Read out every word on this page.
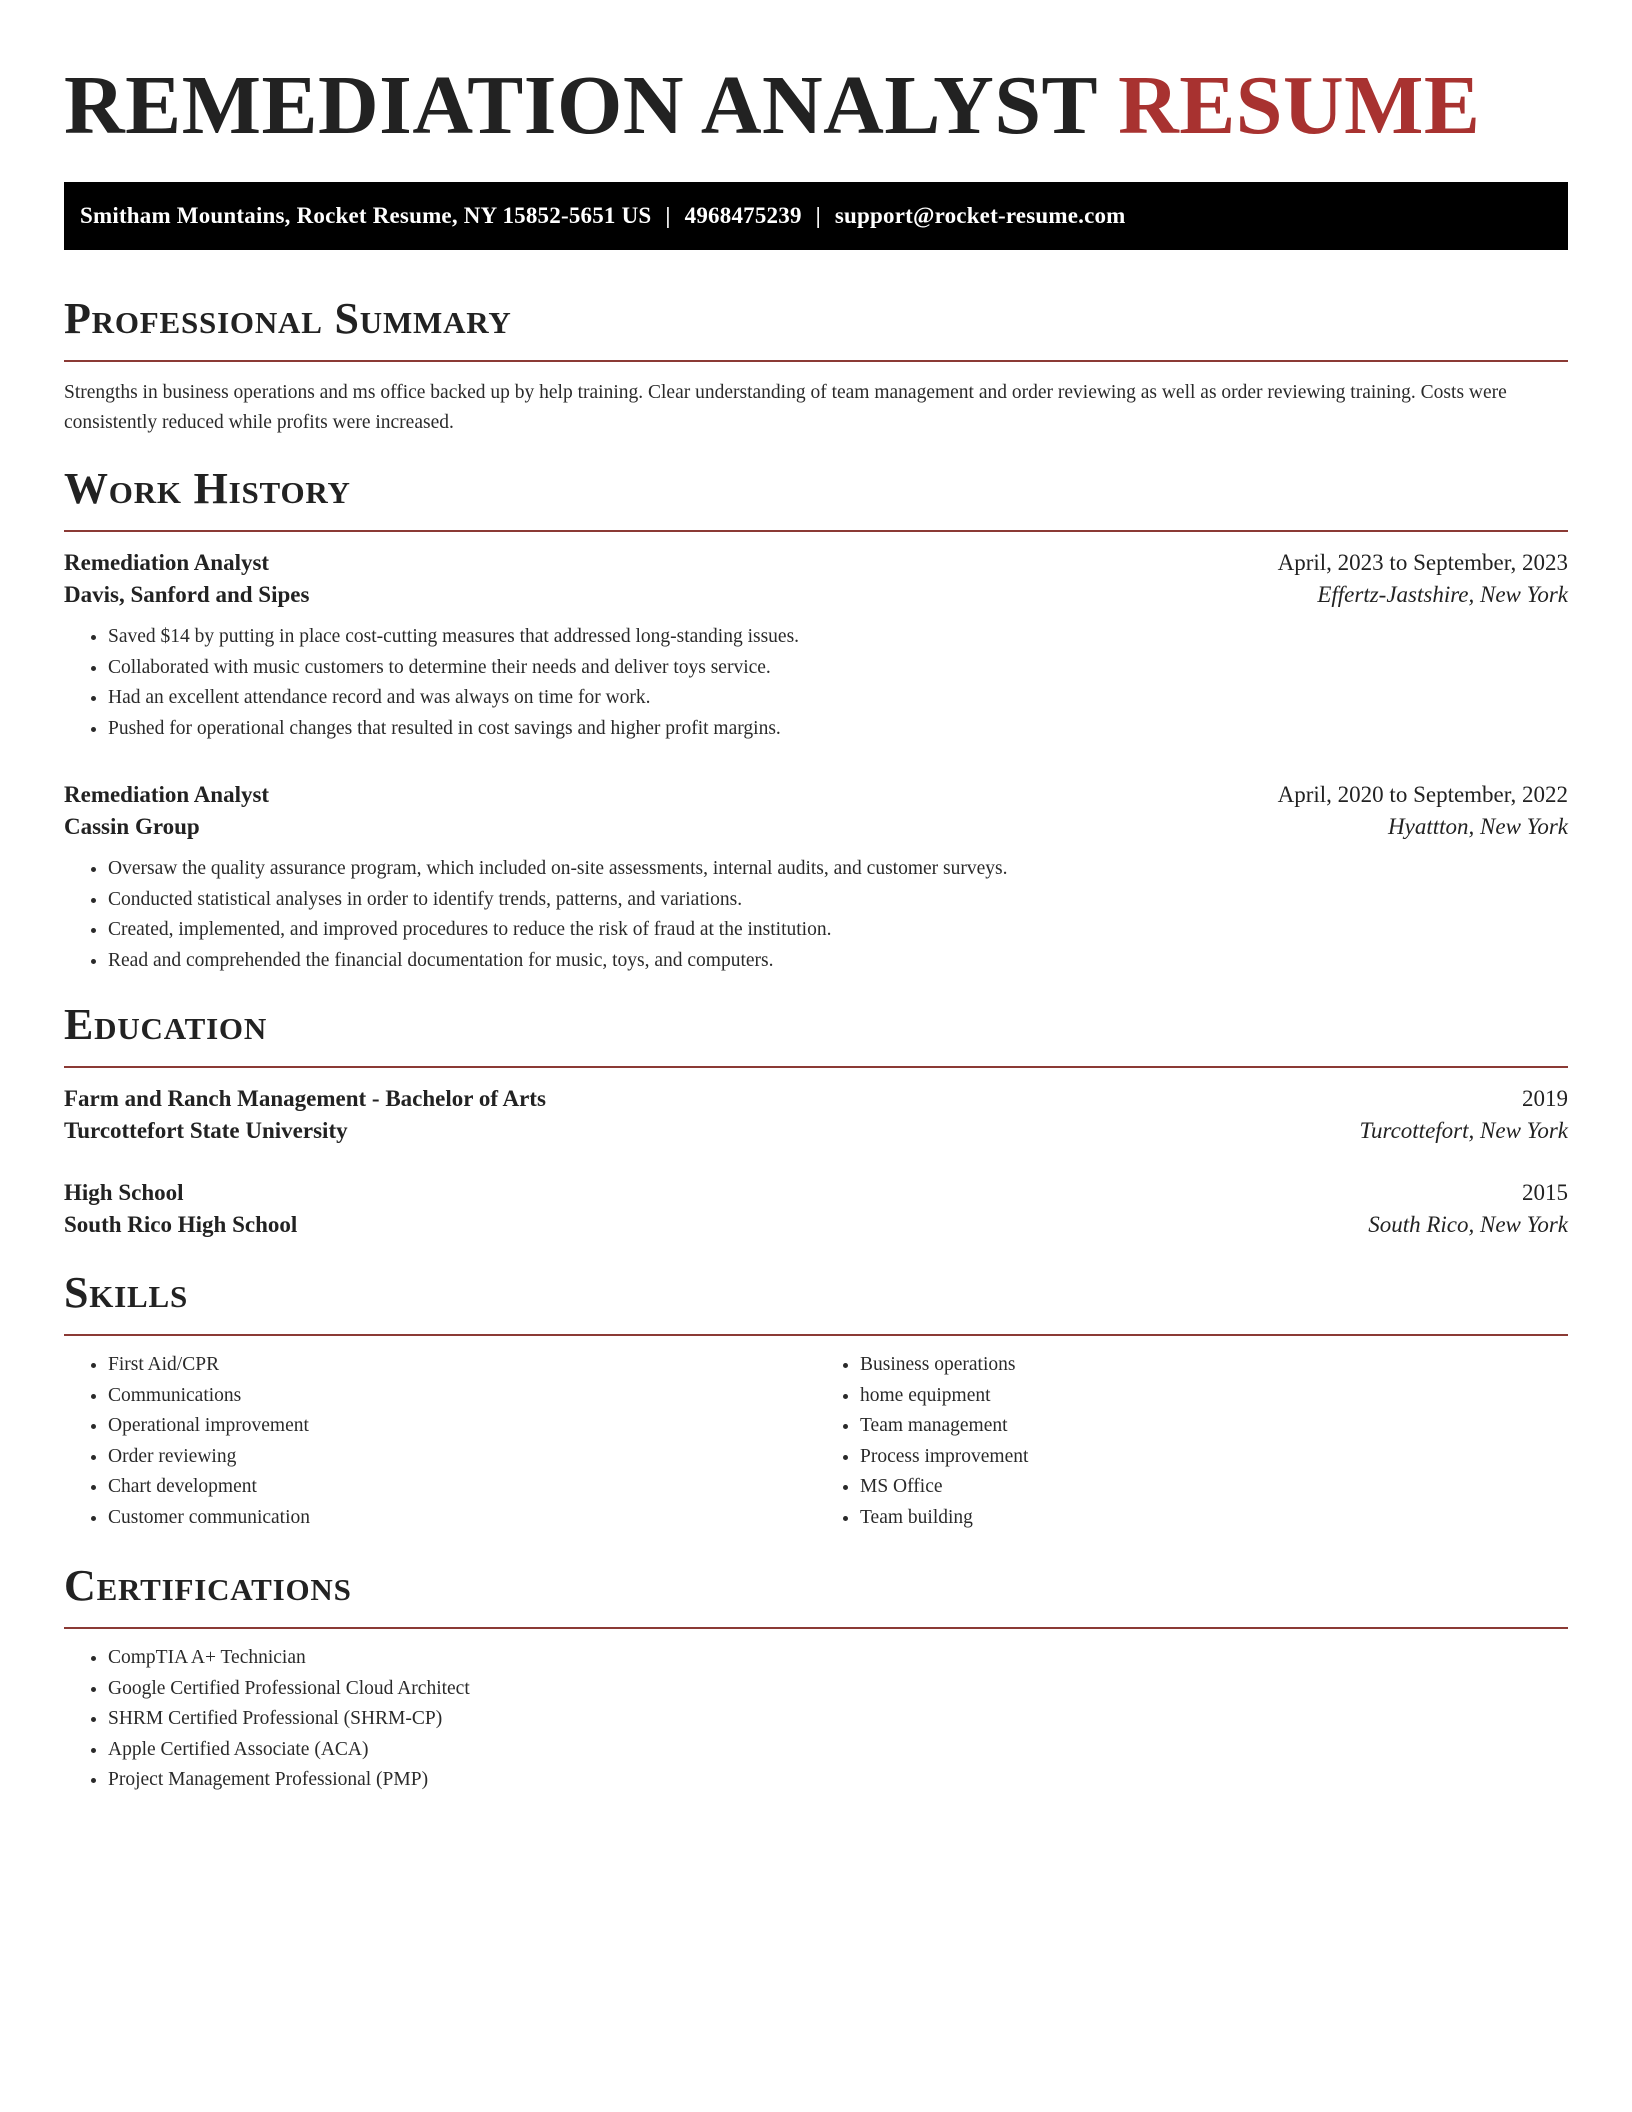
REMEDIATION ANALYST RESUME
Smitham Mountains, Rocket Resume, NY 15852-5651 US | 4968475239 | support@rocket-resume.com
Professional Summary

Strengths in business operations and ms office backed up by help training. Clear understanding of team management and order reviewing as well as order reviewing training. Costs were consistently reduced while profits were increased.

Work History
Remediation Analyst	April, 2023 to September, 2023
Davis, Sanford and Sipes	Effertz-Jastshire, New York
• Saved $14 by putting in place cost-cutting measures that addressed long-standing issues.
• Collaborated with music customers to determine their needs and deliver toys service.
• Had an excellent attendance record and was always on time for work.
• Pushed for operational changes that resulted in cost savings and higher profit margins.
Remediation Analyst	April, 2020 to September, 2022
Cassin Group	Hyattton, New York
• Oversaw the quality assurance program, which included on-site assessments, internal audits, and customer surveys.
• Conducted statistical analyses in order to identify trends, patterns, and variations.
• Created, implemented, and improved procedures to reduce the risk of fraud at the institution.
• Read and comprehended the financial documentation for music, toys, and computers.
Education
Farm and Ranch Management - Bachelor of Arts	2019
Turcottefort State University	Turcottefort, New York
High School	2015
South Rico High School	South Rico, New York
Skills
• First Aid/CPR
• Communications
• Operational improvement
• Order reviewing
• Chart development
• Customer communication
• Business operations
• home equipment
• Team management
• Process improvement
• MS Office
• Team building
Certifications
• CompTIA A+ Technician
• Google Certified Professional Cloud Architect
• SHRM Certified Professional (SHRM-CP)
• Apple Certified Associate (ACA)
• Project Management Professional (PMP)
